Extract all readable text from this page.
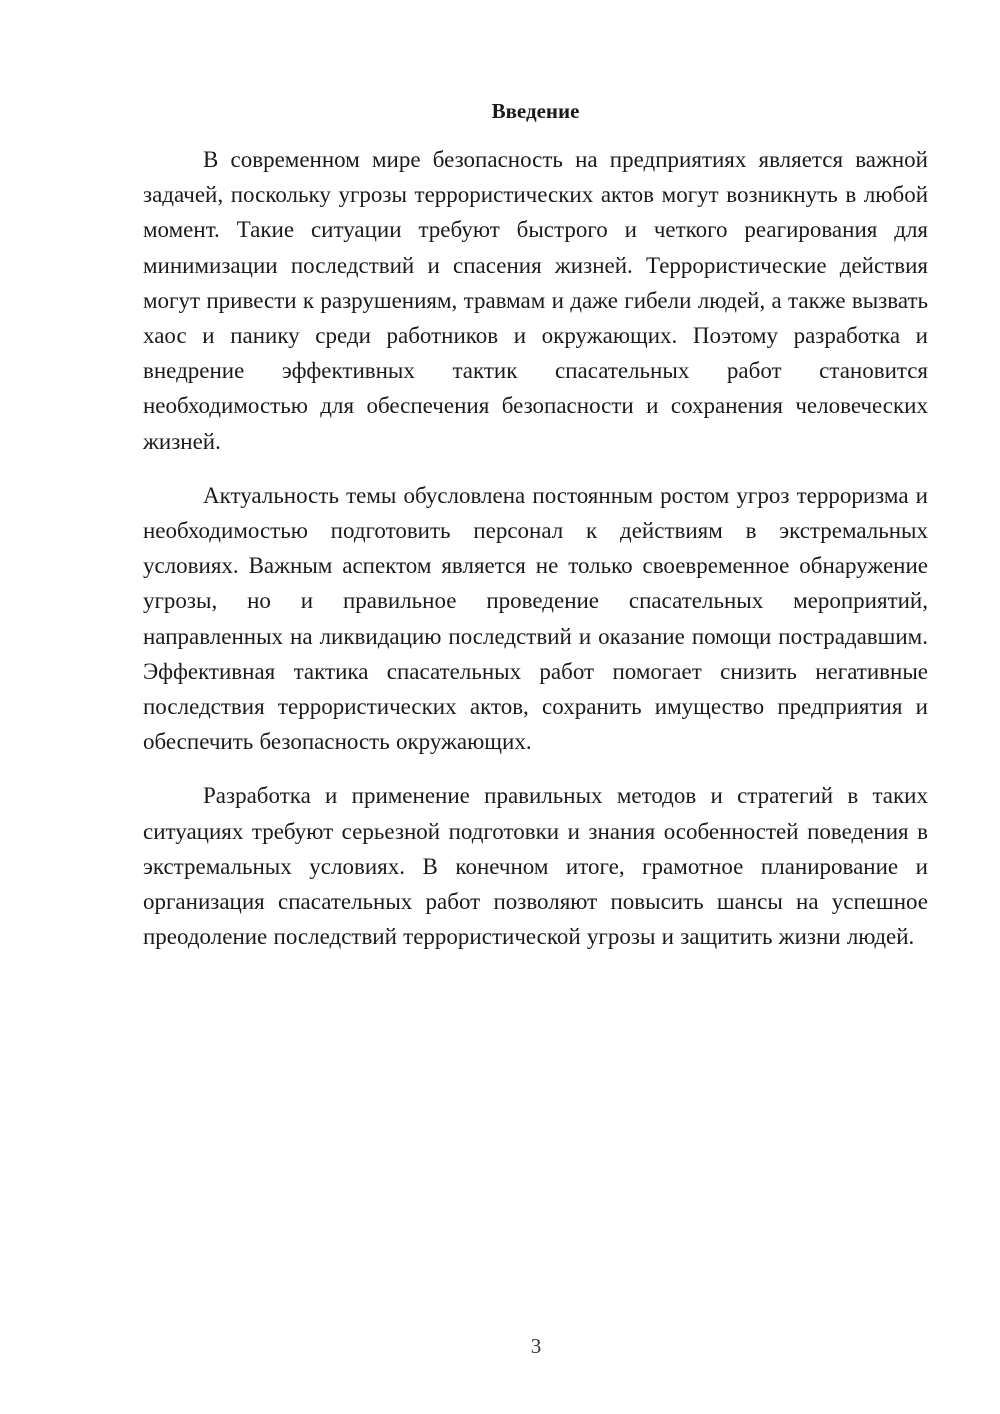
Введение

В современном мире безопасность на предприятиях является важной задачей, поскольку угрозы террористических актов могут возникнуть в любой момент. Такие ситуации требуют быстрого и четкого реагирования для минимизации последствий и спасения жизней. Террористические действия могут привести к разрушениям, травмам и даже гибели людей, а также вызвать хаос и панику среди работников и окружающих. Поэтому разработка и внедрение эффективных тактик спасательных работ становится необходимостью для обеспечения безопасности и сохранения человеческих жизней.

Актуальность темы обусловлена постоянным ростом угроз терроризма и необходимостью подготовить персонал к действиям в экстремальных условиях. Важным аспектом является не только своевременное обнаружение угрозы, но и правильное проведение спасательных мероприятий, направленных на ликвидацию последствий и оказание помощи пострадавшим. Эффективная тактика спасательных работ помогает снизить негативные последствия террористических актов, сохранить имущество предприятия и обеспечить безопасность окружающих.

Разработка и применение правильных методов и стратегий в таких ситуациях требуют серьезной подготовки и знания особенностей поведения в экстремальных условиях. В конечном итоге, грамотное планирование и организация спасательных работ позволяют повысить шансы на успешное преодоление последствий террористической угрозы и защитить жизни людей.

3
